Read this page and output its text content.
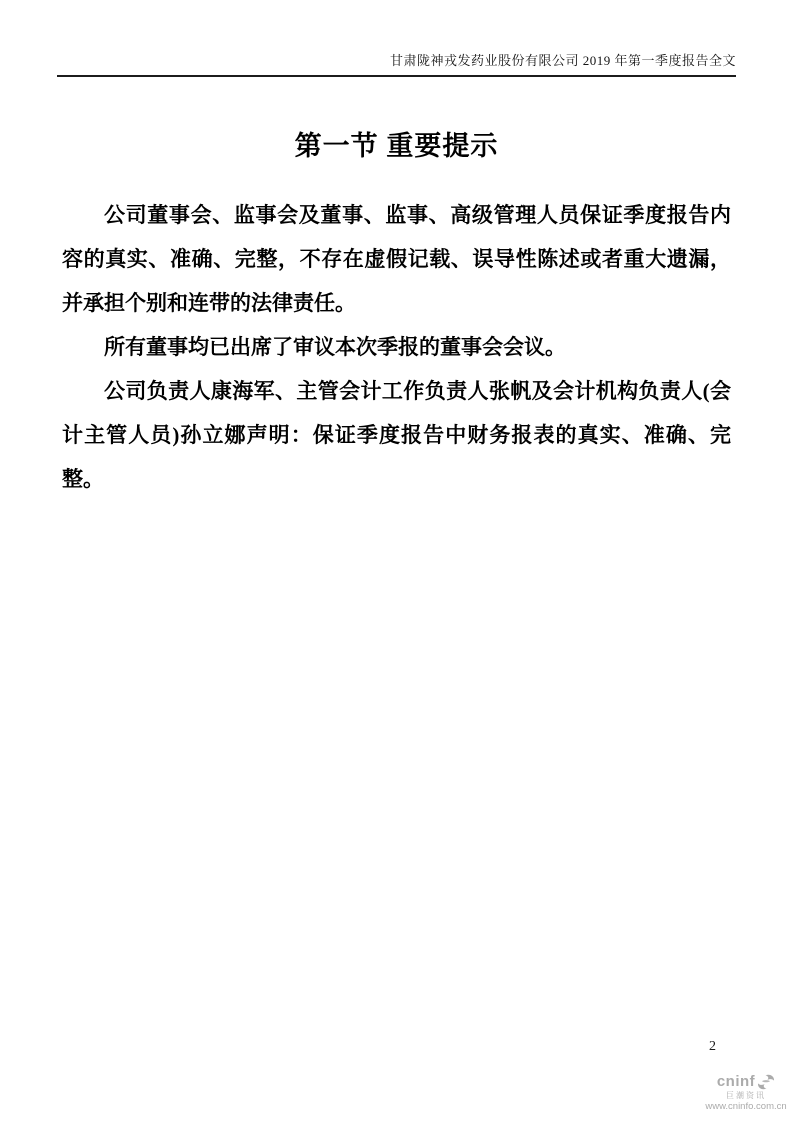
甘肃陇神戎发药业股份有限公司 2019 年第一季度报告全文
第一节 重要提示

公司董事会、监事会及董事、监事、高级管理人员保证季度报告内容的真实、准确、完整，不存在虚假记载、误导性陈述或者重大遗漏，并承担个别和连带的法律责任。

所有董事均已出席了审议本次季报的董事会会议。

公司负责人康海军、主管会计工作负责人张帆及会计机构负责人(会计主管人员)孙立娜声明：保证季度报告中财务报表的真实、准确、完整。

2
cninf
巨潮资讯
www.cninfo.com.cn
